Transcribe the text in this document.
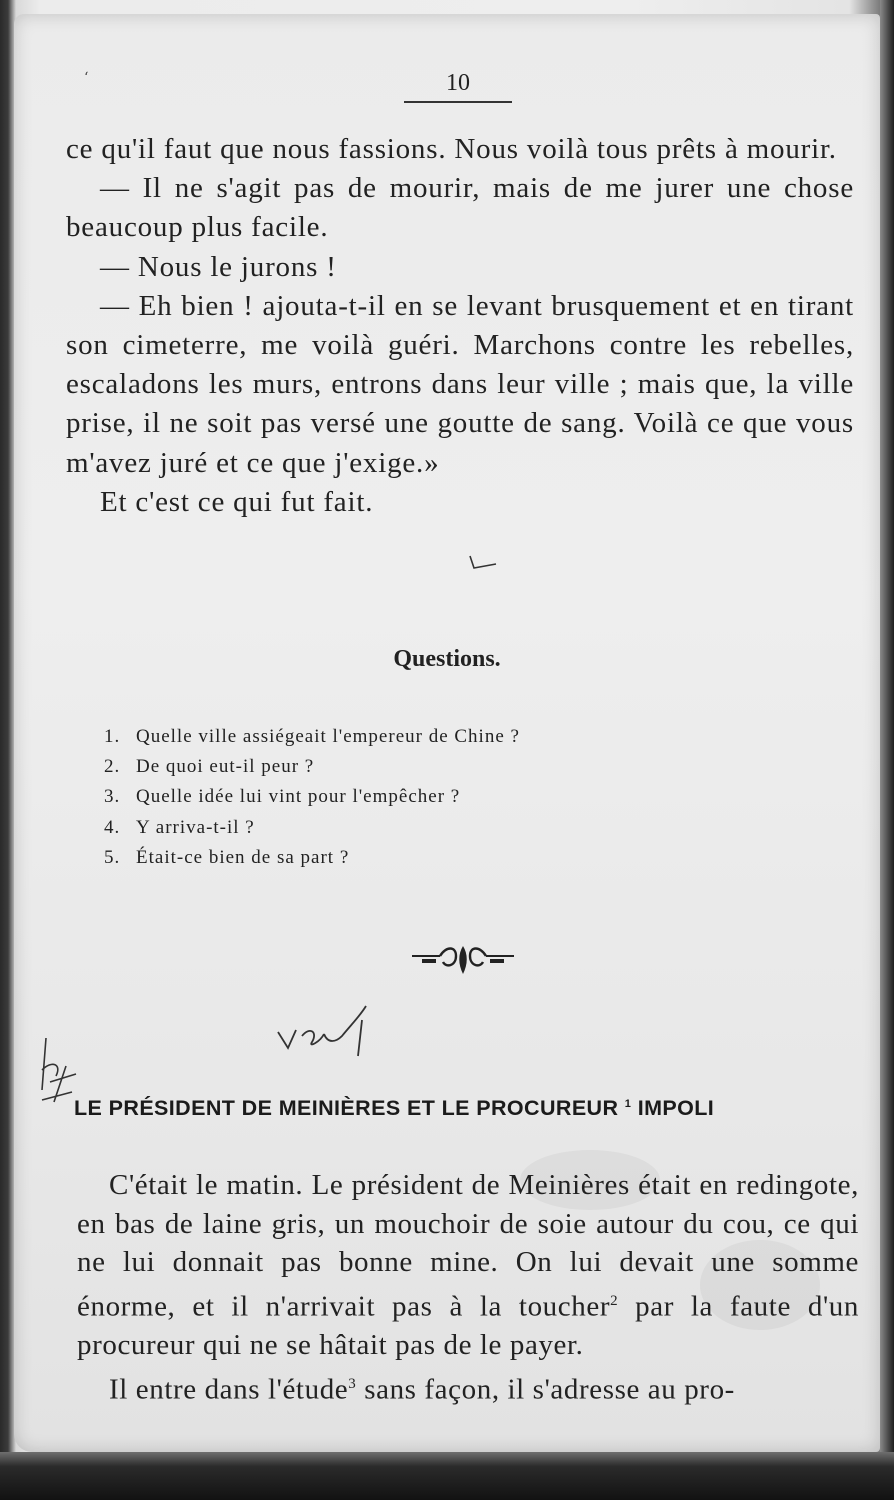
‘	10

ce qu'il faut que nous fassions. Nous voilà tous prêts à mourir.

— Il ne s'agit pas de mourir, mais de me jurer une chose beaucoup plus facile.

— Nous le jurons !

— Eh bien ! ajouta-t-il en se levant brusquement et en tirant son cimeterre, me voilà guéri. Marchons contre les rebelles, escaladons les murs, entrons dans leur ville ; mais que, la ville prise, il ne soit pas versé une goutte de sang. Voilà ce que vous m'avez juré et ce que j'exige.»

Et c'est ce qui fut fait.

Questions.
1. Quelle ville assiégeait l'empereur de Chine ?
2. De quoi eut-il peur ?
3. Quelle idée lui vint pour l'empêcher ?
4. Y arriva-t-il ?
5. Était-ce bien de sa part ?
LE PRÉSIDENT DE MEINIÈRES ET LE PROCUREUR $^1$ IMPOLI

C'était le matin. Le président de Meinières était en redingote, en bas de laine gris, un mouchoir de soie autour du cou, ce qui ne lui donnait pas bonne mine. On lui devait une somme énorme, et il n'arrivait pas à la toucher$^2$ par la faute d'un procureur qui ne se hâtait pas de le payer.

Il entre dans l'étude$^3$ sans façon, il s'adresse au pro-
